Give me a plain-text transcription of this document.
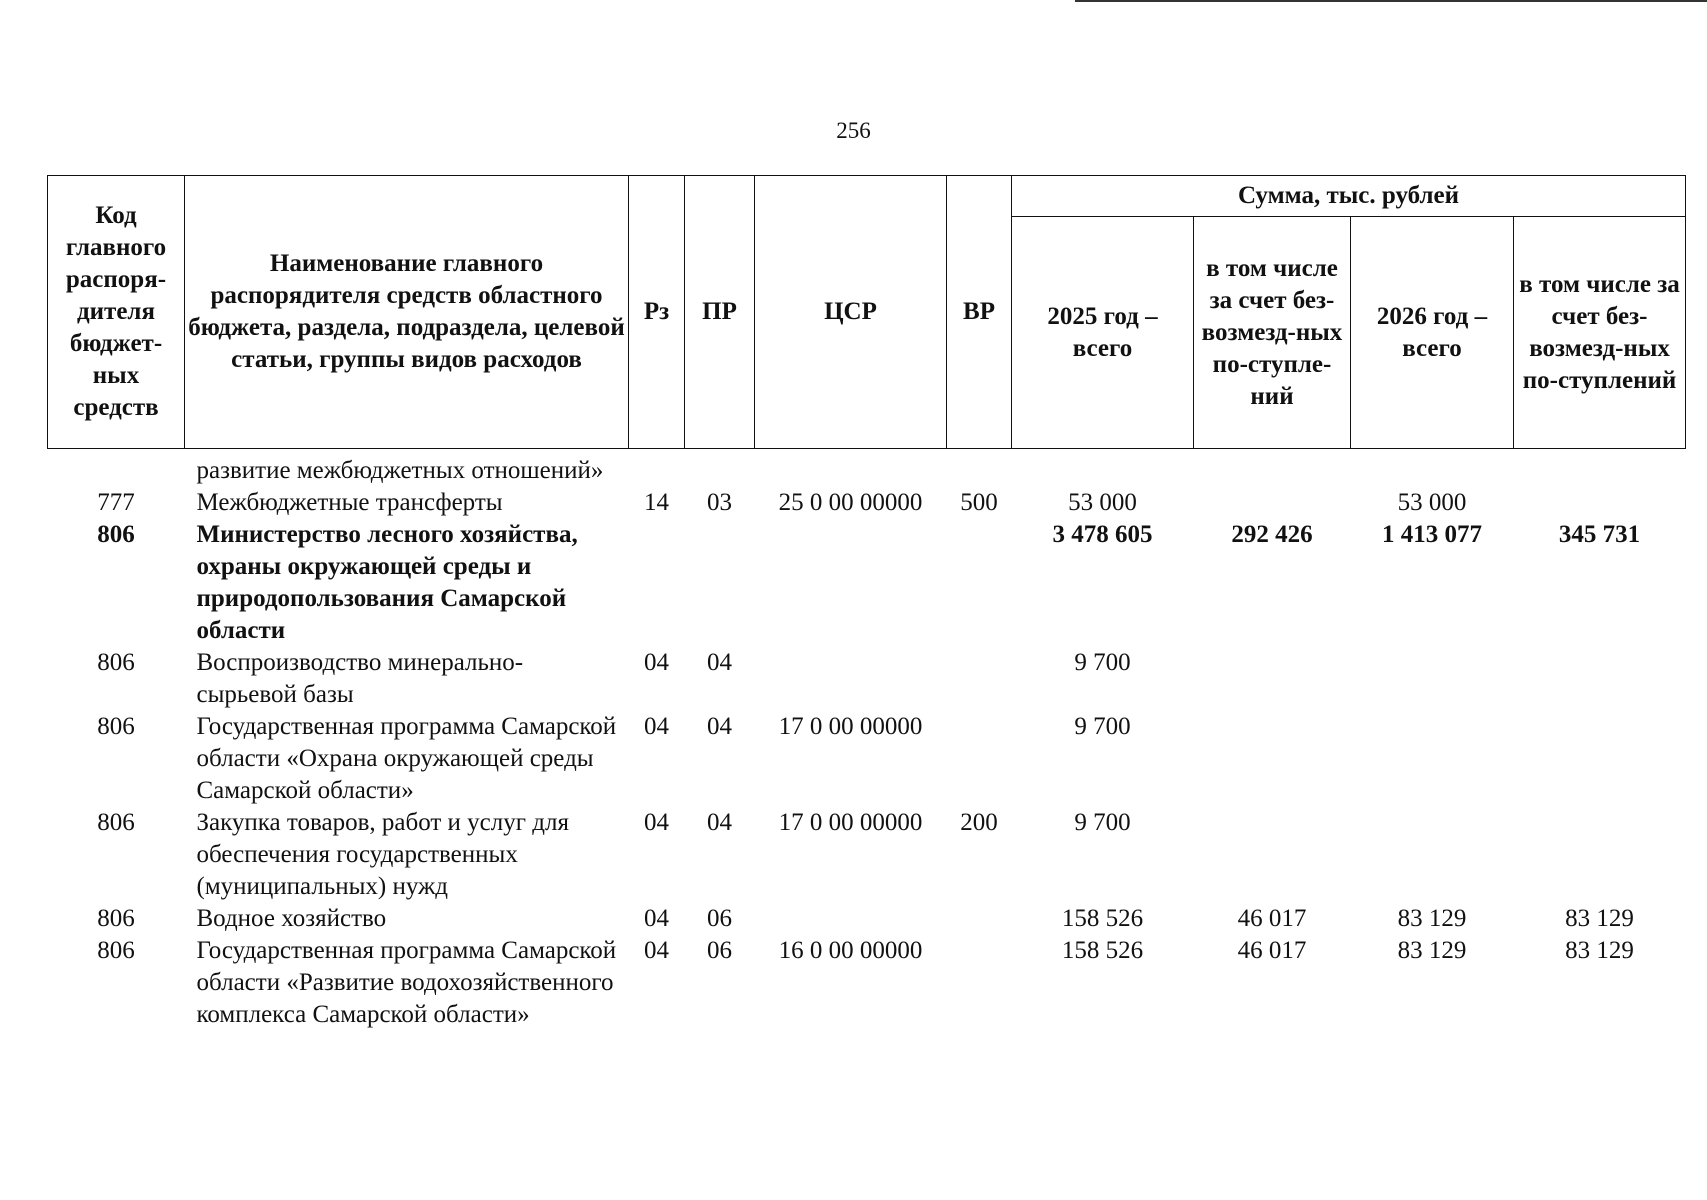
256
Код главного распоря-дителя бюджет-ных средств	Наименование главного распорядителя средств областного бюджета, раздела, подраздела, целевой статьи, группы видов расходов	Рз	ПР	ЦСР	ВР	Сумма, тыс. рублей			
						2025 год – всего	в том числе за счет без-возмезд-ных по-ступле-ний	2026 год – всего	в том числе за счет без-возмезд-ных по-ступлений
	развитие межбюджетных отношений»								
777	Межбюджетные трансферты	14	03	25 0 00 00000	500	53 000		53 000	
806	Министерство лесного хозяйства, охраны окружающей среды и природопользования Самарской области					3 478 605	292 426	1 413 077	345 731
806	Воспроизводство минерально-сырьевой базы	04	04			9 700			
806	Государственная программа Самарской области «Охрана окружающей среды Самарской области»	04	04	17 0 00 00000		9 700			
806	Закупка товаров, работ и услуг для обеспечения государственных (муниципальных) нужд	04	04	17 0 00 00000	200	9 700			
806	Водное хозяйство	04	06			158 526	46 017	83 129	83 129
806	Государственная программа Самарской области «Развитие водохозяйственного комплекса Самарской области»	04	06	16 0 00 00000		158 526	46 017	83 129	83 129
